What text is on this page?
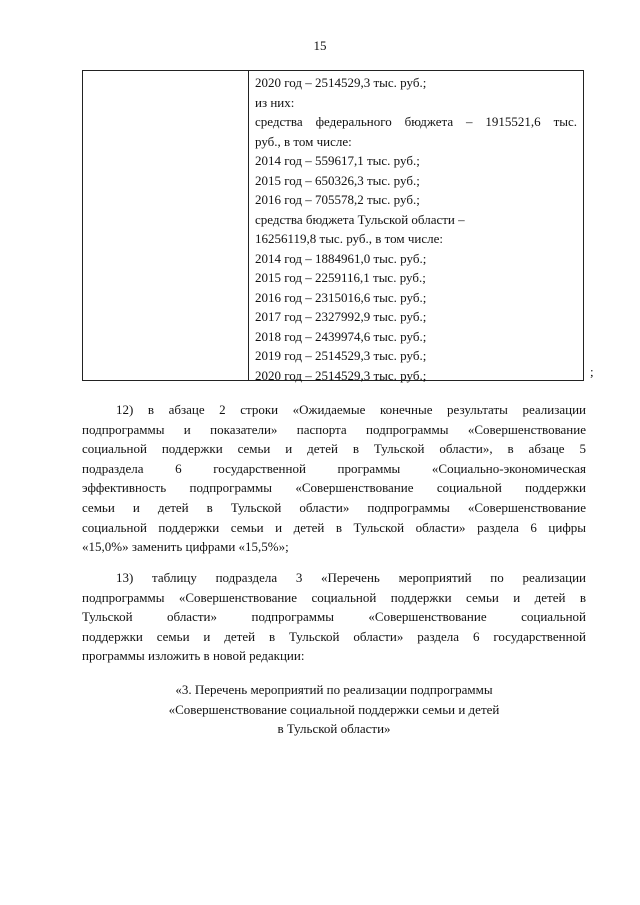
15
2020 год – 2514529,3 тыс. руб.;
из них:
средства федерального бюджета – 1915521,6 тыс.
руб., в том числе:
2014 год – 559617,1 тыс. руб.;
2015 год – 650326,3 тыс. руб.;
2016 год – 705578,2 тыс. руб.;
средства бюджета Тульской области –
16256119,8 тыс. руб., в том числе:
2014 год – 1884961,0 тыс. руб.;
2015 год – 2259116,1 тыс. руб.;
2016 год – 2315016,6 тыс. руб.;
2017 год – 2327992,9 тыс. руб.;
2018 год – 2439974,6 тыс. руб.;
2019 год – 2514529,3 тыс. руб.;
2020 год – 2514529,3 тыс. руб.;	;
12) в абзаце 2 строки «Ожидаемые конечные результаты реализации
подпрограммы и показатели» паспорта подпрограммы «Совершенствование
социальной поддержки семьи и детей в Тульской области», в абзаце 5
подраздела 6 государственной программы «Социально-экономическая
эффективность подпрограммы «Совершенствование социальной поддержки
семьи и детей в Тульской области» подпрограммы «Совершенствование
социальной поддержки семьи и детей в Тульской области» раздела 6 цифры
«15,0%» заменить цифрами «15,5%»;
13) таблицу подраздела 3 «Перечень мероприятий по реализации
подпрограммы «Совершенствование социальной поддержки семьи и детей в
Тульской области» подпрограммы «Совершенствование социальной
поддержки семьи и детей в Тульской области» раздела 6 государственной
программы изложить в новой редакции:
«3. Перечень мероприятий по реализации подпрограммы
«Совершенствование социальной поддержки семьи и детей
в Тульской области»
